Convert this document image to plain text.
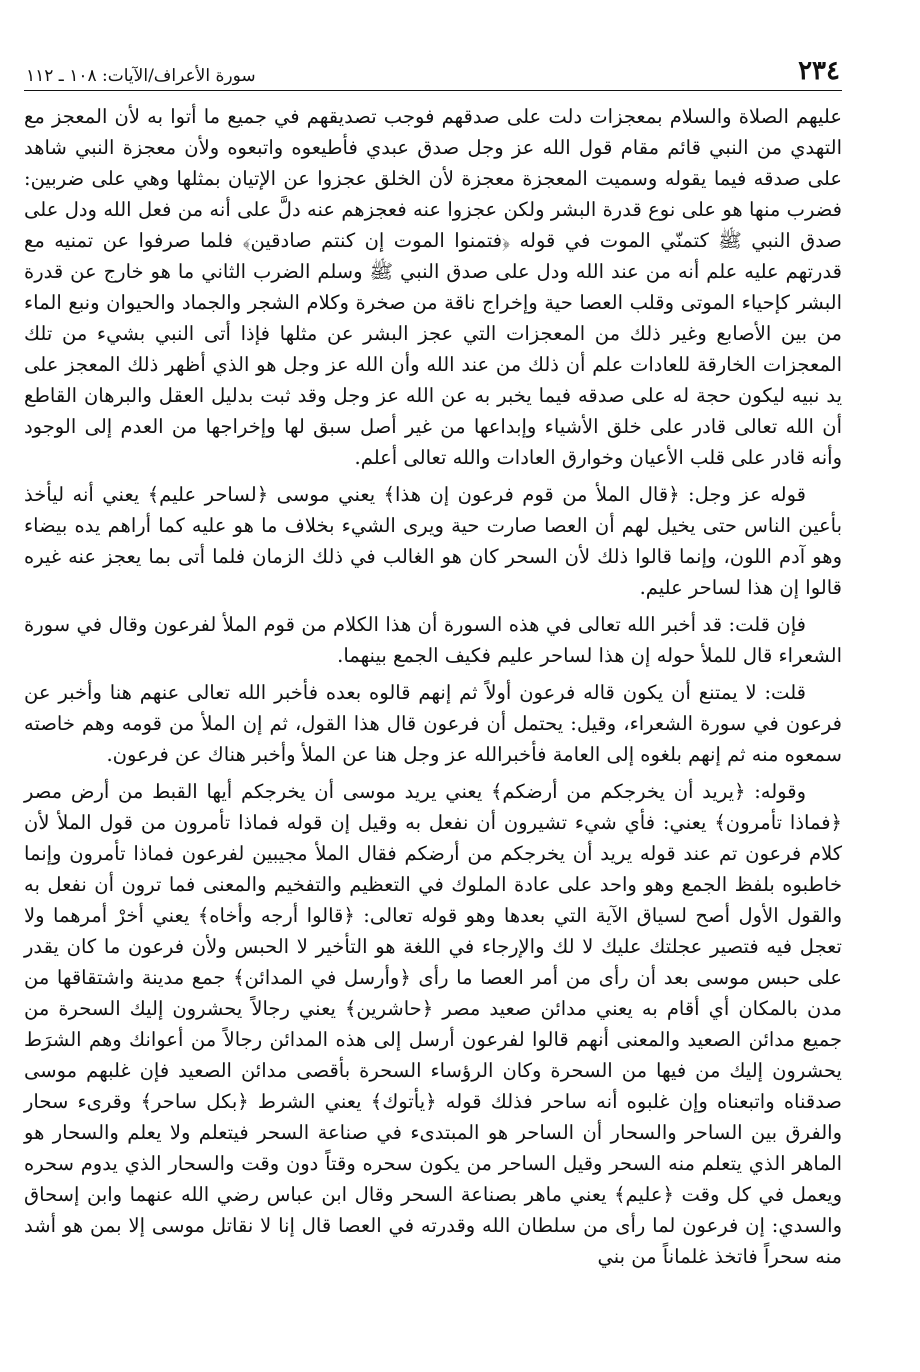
٢٣٤
سورة الأعراف/الآيات: ١٠٨ ـ ١١٢

عليهم الصلاة والسلام بمعجزات دلت على صدقهم فوجب تصديقهم في جميع ما أتوا به لأن المعجز مع التهدي من النبي قائم مقام قول الله عز وجل صدق عبدي فأطيعوه واتبعوه ولأن معجزة النبي شاهد على صدقه فيما يقوله وسميت المعجزة معجزة لأن الخلق عجزوا عن الإتيان بمثلها وهي على ضربين: فضرب منها هو على نوع قدرة البشر ولكن عجزوا عنه فعجزهم عنه دلَّ على أنه من فعل الله ودل على صدق النبي ﷺ كتمنّي الموت في قوله ﴿فتمنوا الموت إن كنتم صادقين﴾ فلما صرفوا عن تمنيه مع قدرتهم عليه علم أنه من عند الله ودل على صدق النبي ﷺ وسلم الضرب الثاني ما هو خارج عن قدرة البشر كإحياء الموتى وقلب العصا حية وإخراج ناقة من صخرة وكلام الشجر والجماد والحيوان ونبع الماء من بين الأصابع وغير ذلك من المعجزات التي عجز البشر عن مثلها فإذا أتى النبي بشيء من تلك المعجزات الخارقة للعادات علم أن ذلك من عند الله وأن الله عز وجل هو الذي أظهر ذلك المعجز على يد نبيه ليكون حجة له على صدقه فيما يخبر به عن الله عز وجل وقد ثبت بدليل العقل والبرهان القاطع أن الله تعالى قادر على خلق الأشياء وإبداعها من غير أصل سبق لها وإخراجها من العدم إلى الوجود وأنه قادر على قلب الأعيان وخوارق العادات والله تعالى أعلم.

قوله عز وجل: ﴿قال الملأ من قوم فرعون إن هذا﴾ يعني موسى ﴿لساحر عليم﴾ يعني أنه ليأخذ بأعين الناس حتى يخيل لهم أن العصا صارت حية ويرى الشيء بخلاف ما هو عليه كما أراهم يده بيضاء وهو آدم اللون، وإنما قالوا ذلك لأن السحر كان هو الغالب في ذلك الزمان فلما أتى بما يعجز عنه غيره قالوا إن هذا لساحر عليم.

فإن قلت: قد أخبر الله تعالى في هذه السورة أن هذا الكلام من قوم الملأ لفرعون وقال في سورة الشعراء قال للملأ حوله إن هذا لساحر عليم فكيف الجمع بينهما.

قلت: لا يمتنع أن يكون قاله فرعون أولاً ثم إنهم قالوه بعده فأخبر الله تعالى عنهم هنا وأخبر عن فرعون في سورة الشعراء، وقيل: يحتمل أن فرعون قال هذا القول، ثم إن الملأ من قومه وهم خاصته سمعوه منه ثم إنهم بلغوه إلى العامة فأخبرالله عز وجل هنا عن الملأ وأخبر هناك عن فرعون.

وقوله: ﴿يريد أن يخرجكم من أرضكم﴾ يعني يريد موسى أن يخرجكم أيها القبط من أرض مصر ﴿فماذا تأمرون﴾ يعني: فأي شيء تشيرون أن نفعل به وقيل إن قوله فماذا تأمرون من قول الملأ لأن كلام فرعون تم عند قوله يريد أن يخرجكم من أرضكم فقال الملأ مجيبين لفرعون فماذا تأمرون وإنما خاطبوه بلفظ الجمع وهو واحد على عادة الملوك في التعظيم والتفخيم والمعنى فما ترون أن نفعل به والقول الأول أصح لسياق الآية التي بعدها وهو قوله تعالى: ﴿قالوا أرجه وأخاه﴾ يعني أخرْ أمرهما ولا تعجل فيه فتصير عجلتك عليك لا لك والإرجاء في اللغة هو التأخير لا الحبس ولأن فرعون ما كان يقدر على حبس موسى بعد أن رأى من أمر العصا ما رأى ﴿وأرسل في المدائن﴾ جمع مدينة واشتقاقها من مدن بالمكان أي أقام به يعني مدائن صعيد مصر ﴿حاشرين﴾ يعني رجالاً يحشرون إليك السحرة من جميع مدائن الصعيد والمعنى أنهم قالوا لفرعون أرسل إلى هذه المدائن رجالاً من أعوانك وهم الشرَط يحشرون إليك من فيها من السحرة وكان الرؤساء السحرة بأقصى مدائن الصعيد فإن غلبهم موسى صدقناه واتبعناه وإن غلبوه أنه ساحر فذلك قوله ﴿يأتوك﴾ يعني الشرط ﴿بكل ساحر﴾ وقرىء سحار والفرق بين الساحر والسحار أن الساحر هو المبتدىء في صناعة السحر فيتعلم ولا يعلم والسحار هو الماهر الذي يتعلم منه السحر وقيل الساحر من يكون سحره وقتاً دون وقت والسحار الذي يدوم سحره ويعمل في كل وقت ﴿عليم﴾ يعني ماهر بصناعة السحر وقال ابن عباس رضي الله عنهما وابن إسحاق والسدي: إن فرعون لما رأى من سلطان الله وقدرته في العصا قال إنا لا نقاتل موسى إلا بمن هو أشد منه سحراً فاتخذ غلماناً من بني
